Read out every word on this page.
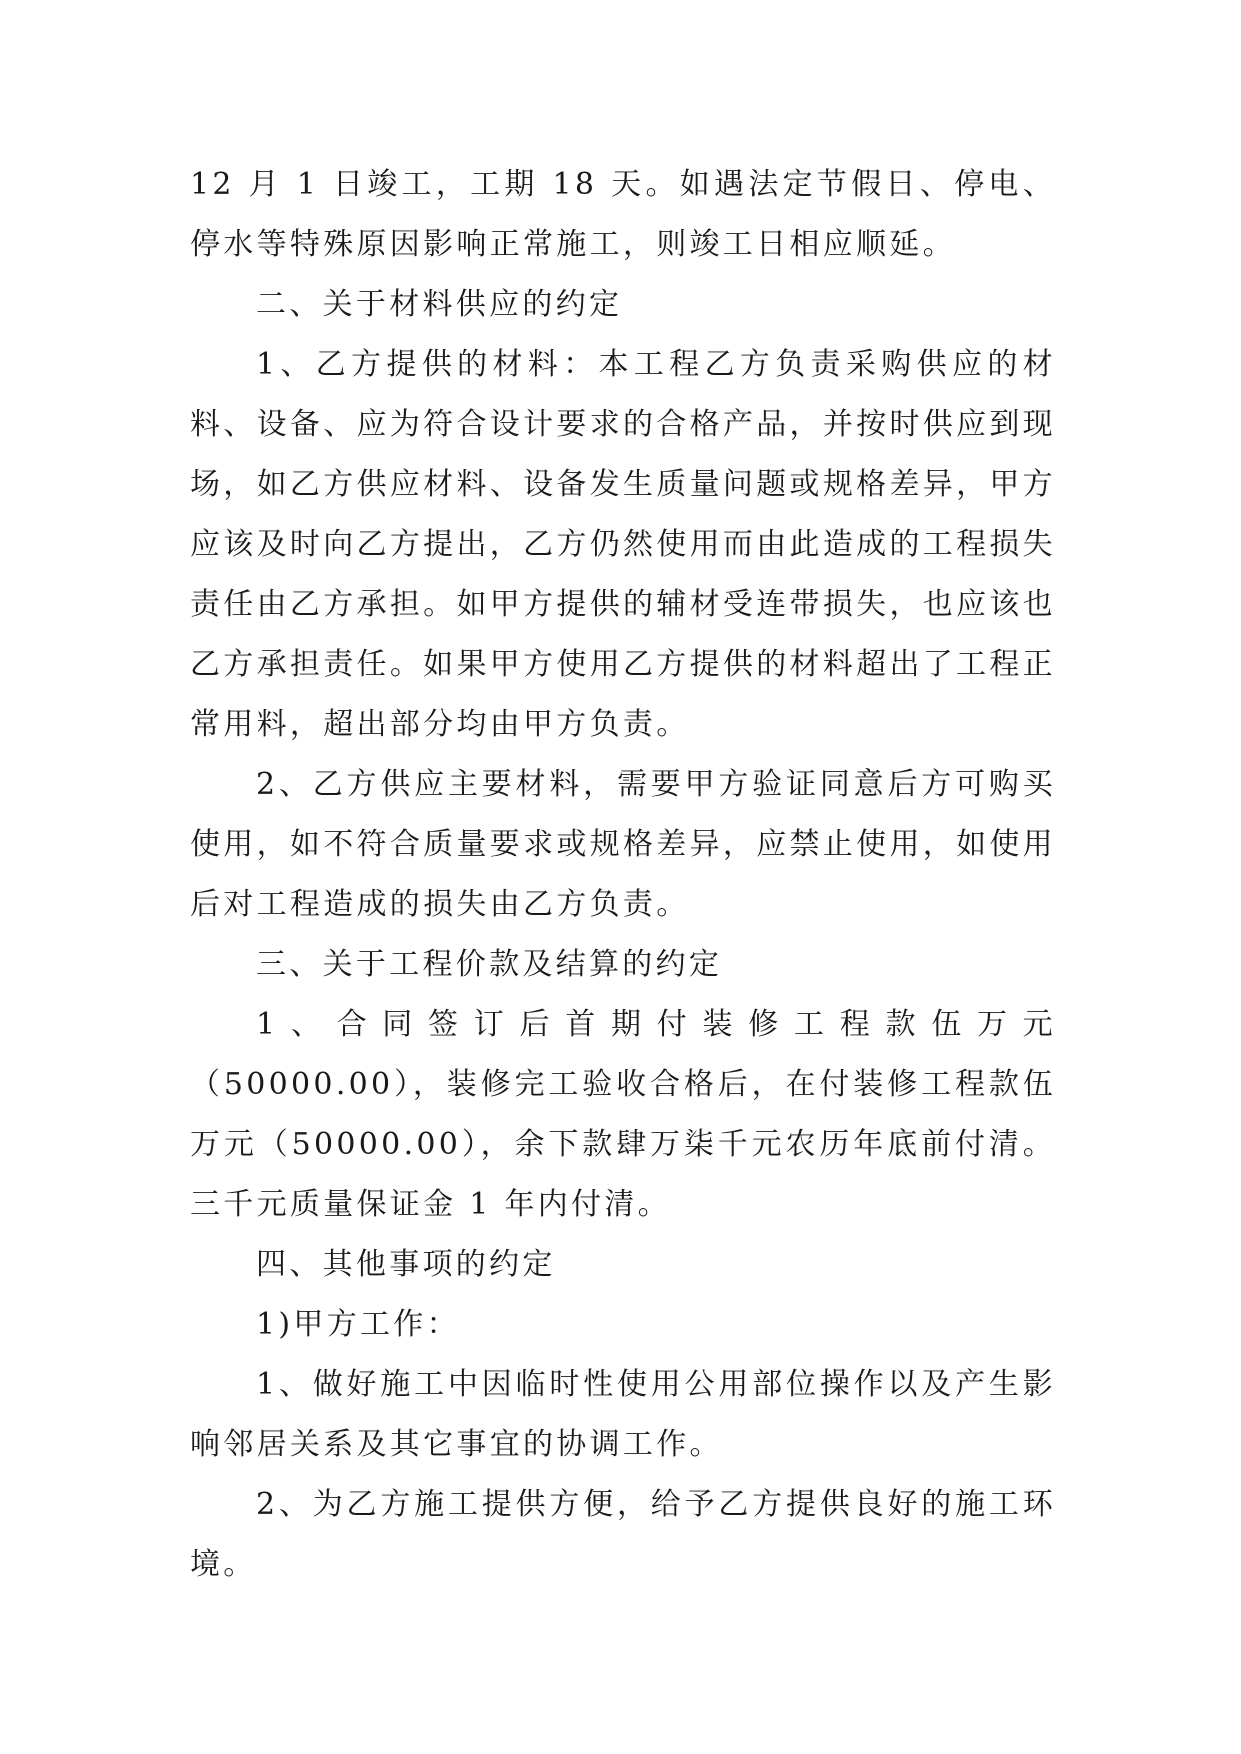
12 月 1 日竣工，工期 18 天。如遇法定节假日、停电、停水等特殊原因影响正常施工，则竣工日相应顺延。

二、关于材料供应的约定

1、乙方提供的材料：本工程乙方负责采购供应的材料、设备、应为符合设计要求的合格产品，并按时供应到现场，如乙方供应材料、设备发生质量问题或规格差异，甲方应该及时向乙方提出，乙方仍然使用而由此造成的工程损失责任由乙方承担。如甲方提供的辅材受连带损失，也应该也乙方承担责任。如果甲方使用乙方提供的材料超出了工程正常用料，超出部分均由甲方负责。

2、乙方供应主要材料，需要甲方验证同意后方可购买使用，如不符合质量要求或规格差异，应禁止使用，如使用后对工程造成的损失由乙方负责。

三、关于工程价款及结算的约定

1、合同签订后首期付装修工程款伍万元（50000.00），装修完工验收合格后，在付装修工程款伍万元（50000.00），余下款肆万柒千元农历年底前付清。三千元质量保证金 1 年内付清。

四、其他事项的约定

1)甲方工作：

1、做好施工中因临时性使用公用部位操作以及产生影响邻居关系及其它事宜的协调工作。

2、为乙方施工提供方便，给予乙方提供良好的施工环境。
